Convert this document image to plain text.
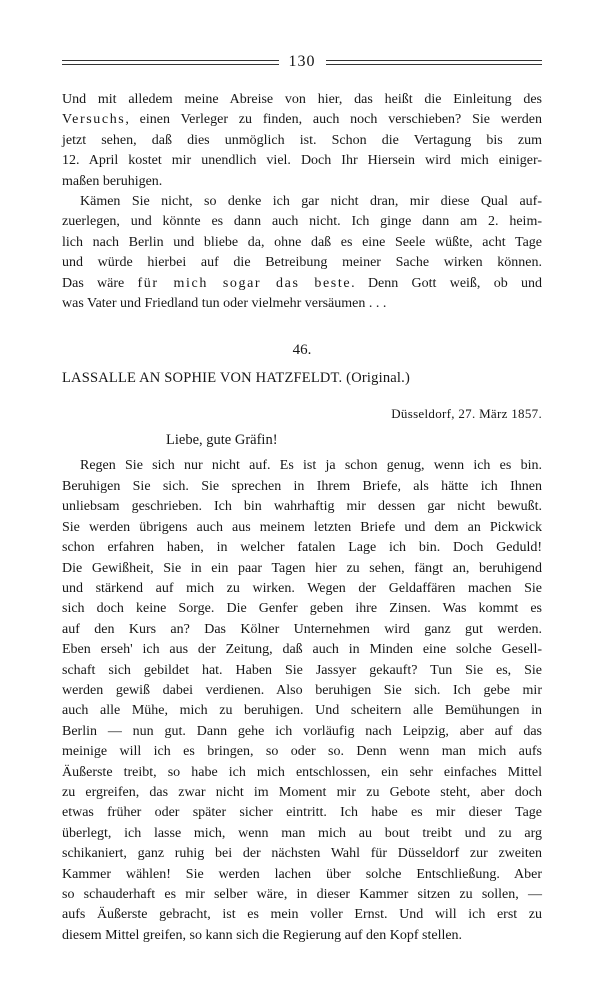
130

Und mit alledem meine Abreise von hier, das heißt die Einleitung des
Versuchs, einen Verleger zu finden, auch noch verschieben? Sie werden
jetzt sehen, daß dies unmöglich ist. Schon die Vertagung bis zum
12. April kostet mir unendlich viel. Doch Ihr Hiersein wird mich einiger-
maßen beruhigen.

Kämen Sie nicht, so denke ich gar nicht dran, mir diese Qual auf-
zuerlegen, und könnte es dann auch nicht. Ich ginge dann am 2. heim-
lich nach Berlin und bliebe da, ohne daß es eine Seele wüßte, acht Tage
und würde hierbei auf die Betreibung meiner Sache wirken können.
Das wäre für mich sogar das beste. Denn Gott weiß, ob und
was Vater und Friedland tun oder vielmehr versäumen . . .

46.
LASSALLE AN SOPHIE VON HATZFELDT. (Original.)
Düsseldorf, 27. März 1857.
Liebe, gute Gräfin!

Regen Sie sich nur nicht auf. Es ist ja schon genug, wenn ich es bin.
Beruhigen Sie sich. Sie sprechen in Ihrem Briefe, als hätte ich Ihnen
unliebsam geschrieben. Ich bin wahrhaftig mir dessen gar nicht bewußt.
Sie werden übrigens auch aus meinem letzten Briefe und dem an Pickwick
schon erfahren haben, in welcher fatalen Lage ich bin. Doch Geduld!
Die Gewißheit, Sie in ein paar Tagen hier zu sehen, fängt an, beruhigend
und stärkend auf mich zu wirken. Wegen der Geldaffären machen Sie
sich doch keine Sorge. Die Genfer geben ihre Zinsen. Was kommt es
auf den Kurs an? Das Kölner Unternehmen wird ganz gut werden.
Eben erseh' ich aus der Zeitung, daß auch in Minden eine solche Gesell-
schaft sich gebildet hat. Haben Sie Jassyer gekauft? Tun Sie es, Sie
werden gewiß dabei verdienen. Also beruhigen Sie sich. Ich gebe mir
auch alle Mühe, mich zu beruhigen. Und scheitern alle Bemühungen in
Berlin — nun gut. Dann gehe ich vorläufig nach Leipzig, aber auf das
meinige will ich es bringen, so oder so. Denn wenn man mich aufs
Äußerste treibt, so habe ich mich entschlossen, ein sehr einfaches Mittel
zu ergreifen, das zwar nicht im Moment mir zu Gebote steht, aber doch
etwas früher oder später sicher eintritt. Ich habe es mir dieser Tage
überlegt, ich lasse mich, wenn man mich au bout treibt und zu arg
schikaniert, ganz ruhig bei der nächsten Wahl für Düsseldorf zur zweiten
Kammer wählen! Sie werden lachen über solche Entschließung. Aber
so schauderhaft es mir selber wäre, in dieser Kammer sitzen zu sollen, —
aufs Äußerste gebracht, ist es mein voller Ernst. Und will ich erst zu
diesem Mittel greifen, so kann sich die Regierung auf den Kopf stellen.
